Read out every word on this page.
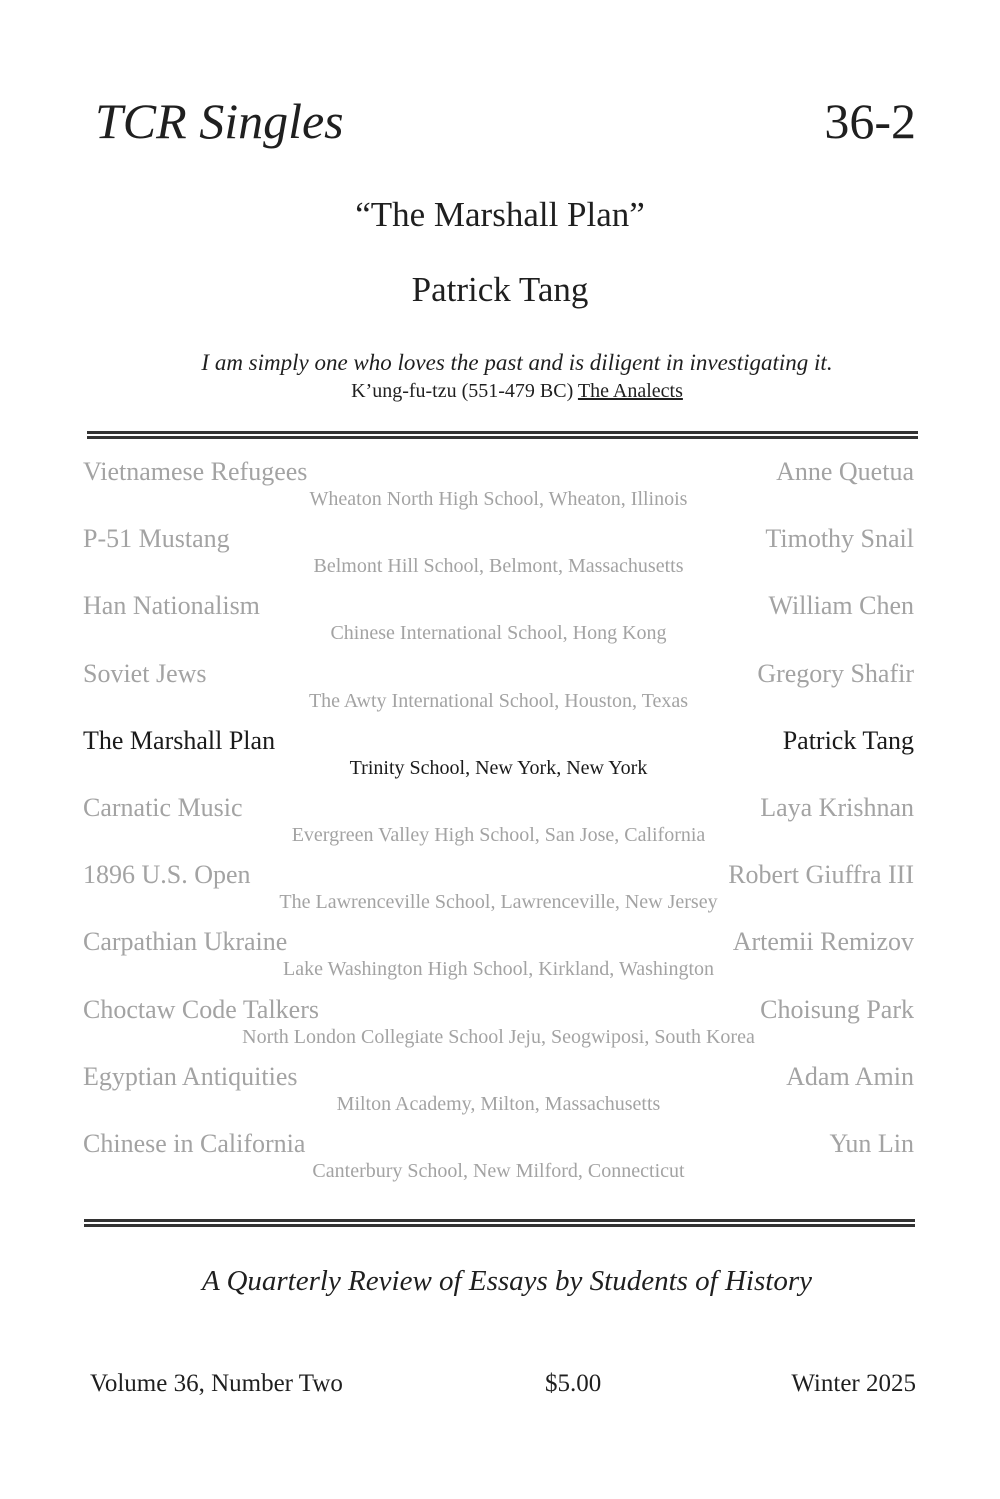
TCR Singles	36-2
“The Marshall Plan”
Patrick Tang
I am simply one who loves the past and is diligent in investigating it.
K’ung-fu-tzu (551-479 BC) The Analects
Vietnamese Refugees	Anne Quetua
Wheaton North High School, Wheaton, Illinois
P-51 Mustang	Timothy Snail
Belmont Hill School, Belmont, Massachusetts
Han Nationalism	William Chen
Chinese International School, Hong Kong
Soviet Jews	Gregory Shafir
The Awty International School, Houston, Texas
The Marshall Plan	Patrick Tang
Trinity School, New York, New York
Carnatic Music	Laya Krishnan
Evergreen Valley High School, San Jose, California
1896 U.S. Open	Robert Giuffra III
The Lawrenceville School, Lawrenceville, New Jersey
Carpathian Ukraine	Artemii Remizov
Lake Washington High School, Kirkland, Washington
Choctaw Code Talkers	Choisung Park
North London Collegiate School Jeju, Seogwiposi, South Korea
Egyptian Antiquities	Adam Amin
Milton Academy, Milton, Massachusetts
Chinese in California	Yun Lin
Canterbury School, New Milford, Connecticut
A Quarterly Review of Essays by Students of History
Volume 36, Number Two	$5.00	Winter 2025
